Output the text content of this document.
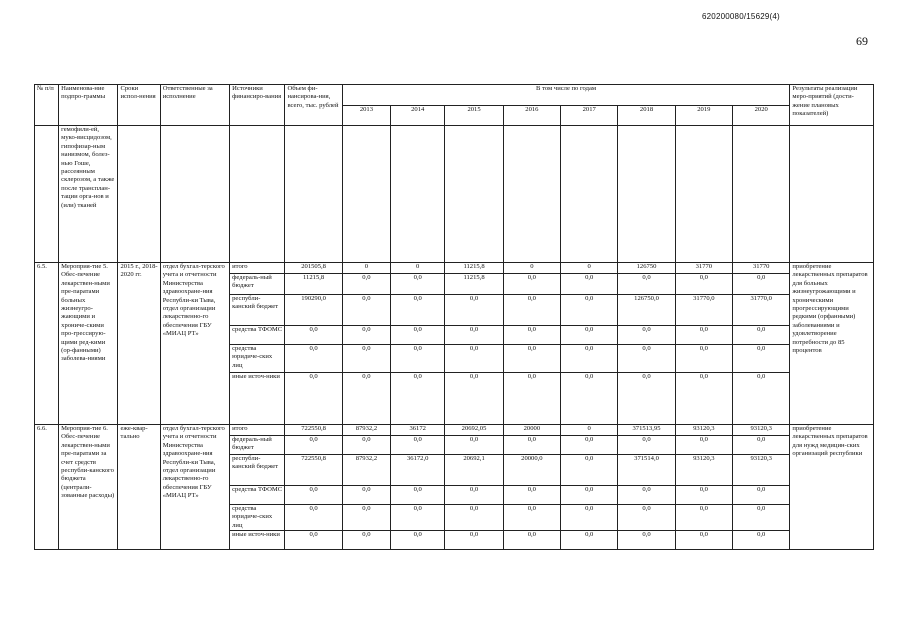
620200080/15629(4)
69
№ п/п	Наименова-ние подпро-граммы	Сроки испол-нения	Ответственные за исполнение	Источники финансиро-вания	Объем фи-нансирова-ния, всего, тыс. рублей	В том числе по годам								Результаты реализации меро-приятий (дости-жение плановых показателей)
						2013	2014	2015	2016	2017	2018	2019	2020	
	гемофили-ей, муко-висцидозом, гипофизар-ным нанизмом, болез-нью Гоше, рассеянным склерозом, а также после трансплан-тации орга-нов и (или) тканей													
6.5.	Мероприя-тие 5. Обес-печение лекарствен-ными пре-паратами больных жизнеугро-жающими и хрониче-скими про-грессирую-щими ред-кими (ор-фанными) заболева-ниями	2015 г., 2018-2020 гг.	отдел бухгал-терского учета и отчетности Министерства здравоохране-ния Республи-ки Тыва, отдел организации лекарственно-го обеспечения ГБУ «МИАЦ РТ»	итого	201505,8	0	0	11215,8	0	0	126750	31770	31770	приобретение лекарственных препаратов для больных жизнеугрожающими и хроническими прогрессирующими редкими (орфанными) заболеваниями и удовлетворение потребности до 85 процентов
				федераль-ный бюджет	11215,8	0,0	0,0	11215,8	0,0	0,0	0,0	0,0	0,0	
				республи-канский бюджет	190290,0	0,0	0,0	0,0	0,0	0,0	126750,0	31770,0	31770,0	
				средства ТФОМС	0,0	0,0	0,0	0,0	0,0	0,0	0,0	0,0	0,0	
				средства юридиче-ских лиц	0,0	0,0	0,0	0,0	0,0	0,0	0,0	0,0	0,0	
				иные источ-ники	0,0	0,0	0,0	0,0	0,0	0,0	0,0	0,0	0,0	
6.6.	Мероприя-тие 6. Обес-печение лекарствен-ными пре-паратами за счет средств республи-канского бюджета (централи-зованные расходы)	еже-квар-тально	отдел бухгал-терского учета и отчетности Министерства здравоохране-ния Республи-ки Тыва, отдел организации лекарственно-го обеспечения ГБУ «МИАЦ РТ»	итого	722550,8	87932,2	36172	20692,05	20000	0	371513,95	93120,3	93120,3	приобретение лекарственных препаратов для нужд медицин-ских организаций республики
				федераль-ный бюджет	0,0	0,0	0,0	0,0	0,0	0,0	0,0	0,0	0,0	
				республи-канский бюджет	722550,8	87932,2	36172,0	20692,1	20000,0	0,0	371514,0	93120,3	93120,3	
				средства ТФОМС	0,0	0,0	0,0	0,0	0,0	0,0	0,0	0,0	0,0	
				средства юридиче-ских лиц	0,0	0,0	0,0	0,0	0,0	0,0	0,0	0,0	0,0	
				иные источ-ники	0,0	0,0	0,0	0,0	0,0	0,0	0,0	0,0	0,0	
